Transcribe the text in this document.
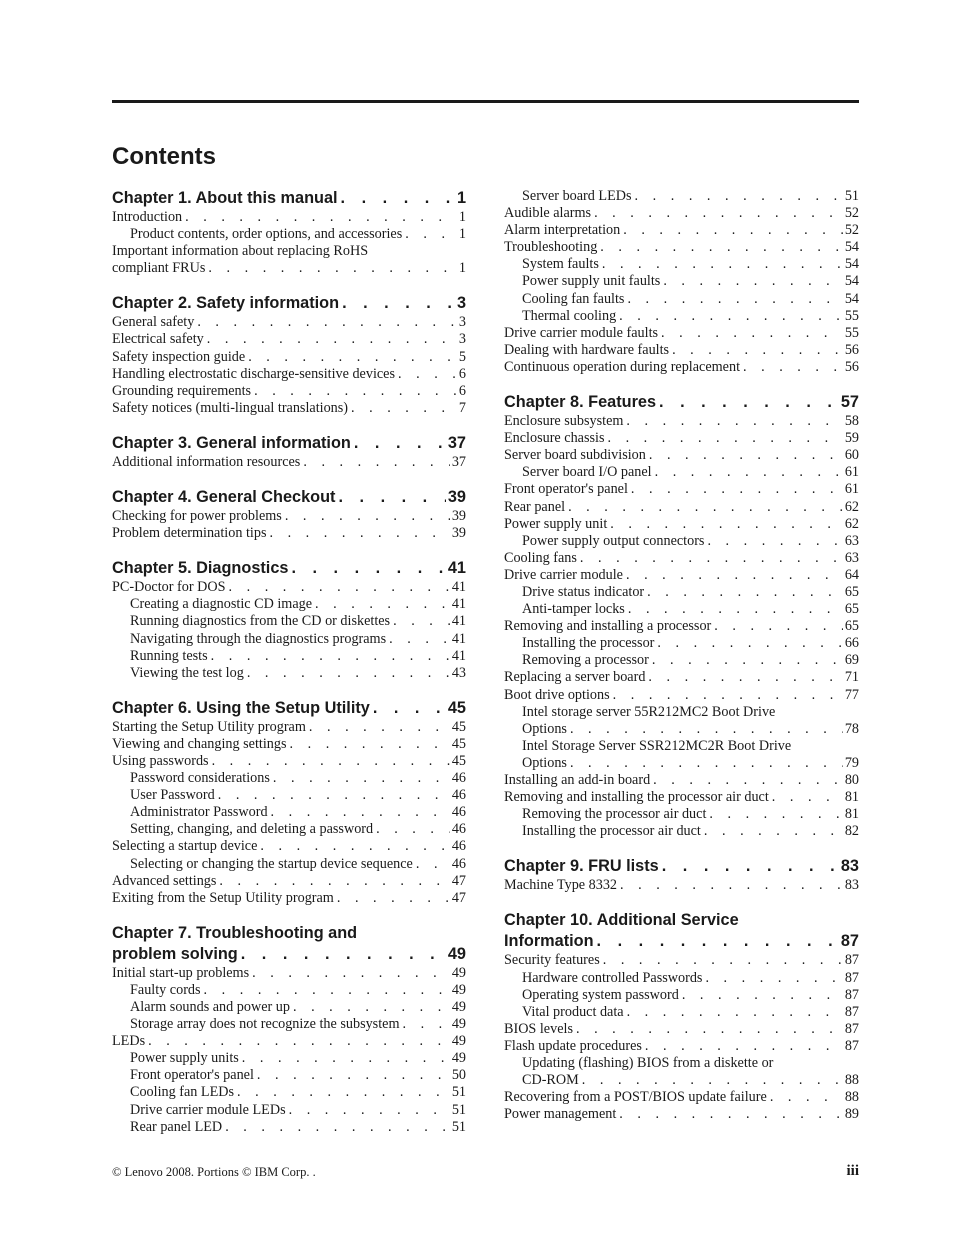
Contents
Chapter 1. About this manual . . .	1
Introduction . . .	1
Product contents, order options, and accessories . . .	1
Important information about replacing RoHS
compliant FRUs . . .	1
Chapter 2. Safety information . . .	3
General safety . . .	3
Electrical safety . . .	3
Safety inspection guide . . .	5
Handling electrostatic discharge-sensitive devices . . .	6
Grounding requirements . . .	6
Safety notices (multi-lingual translations) . . .	7
Chapter 3. General information . . .	37
Additional information resources . . .	37
Chapter 4. General Checkout . . .	39
Checking for power problems . . .	39
Problem determination tips . . .	39
Chapter 5. Diagnostics . . .	41
PC-Doctor for DOS . . .	41
Creating a diagnostic CD image . . .	41
Running diagnostics from the CD or diskettes . . .	41
Navigating through the diagnostics programs . . .	41
Running tests . . .	41
Viewing the test log . . .	43
Chapter 6. Using the Setup Utility . . .	45
Starting the Setup Utility program . . .	45
Viewing and changing settings . . .	45
Using passwords . . .	45
Password considerations . . .	46
User Password . . .	46
Administrator Password . . .	46
Setting, changing, and deleting a password . . .	46
Selecting a startup device . . .	46
Selecting or changing the startup device sequence . . .	46
Advanced settings . . .	47
Exiting from the Setup Utility program . . .	47
Chapter 7. Troubleshooting and
problem solving . . .	49
Initial start-up problems . . .	49
Faulty cords . . .	49
Alarm sounds and power up . . .	49
Storage array does not recognize the subsystem . . .	49
LEDs . . .	49
Power supply units . . .	49
Front operator's panel . . .	50
Cooling fan LEDs . . .	51
Drive carrier module LEDs . . .	51
Rear panel LED . . .	51
Server board LEDs . . .	51
Audible alarms . . .	52
Alarm interpretation . . .	52
Troubleshooting . . .	54
System faults . . .	54
Power supply unit faults . . .	54
Cooling fan faults . . .	54
Thermal cooling . . .	55
Drive carrier module faults . . .	55
Dealing with hardware faults . . .	56
Continuous operation during replacement . . .	56
Chapter 8. Features . . .	57
Enclosure subsystem . . .	58
Enclosure chassis . . .	59
Server board subdivision . . .	60
Server board I/O panel . . .	61
Front operator's panel . . .	61
Rear panel . . .	62
Power supply unit . . .	62
Power supply output connectors . . .	63
Cooling fans . . .	63
Drive carrier module . . .	64
Drive status indicator . . .	65
Anti-tamper locks . . .	65
Removing and installing a processor . . .	65
Installing the processor . . .	66
Removing a processor . . .	69
Replacing a server board . . .	71
Boot drive options . . .	77
Intel storage server 55R212MC2 Boot Drive
Options . . .	78
Intel Storage Server SSR212MC2R Boot Drive
Options . . .	79
Installing an add-in board . . .	80
Removing and installing the processor air duct . . .	81
Removing the processor air duct . . .	81
Installing the processor air duct . . .	82
Chapter 9. FRU lists . . .	83
Machine Type 8332 . . .	83
Chapter 10. Additional Service
Information . . .	87
Security features . . .	87
Hardware controlled Passwords . . .	87
Operating system password . . .	87
Vital product data . . .	87
BIOS levels . . .	87
Flash update procedures . . .	87
Updating (flashing) BIOS from a diskette or
CD-ROM . . .	88
Recovering from a POST/BIOS update failure . . .	88
Power management . . .	89
© Lenovo 2008. Portions © IBM Corp. .	iii
